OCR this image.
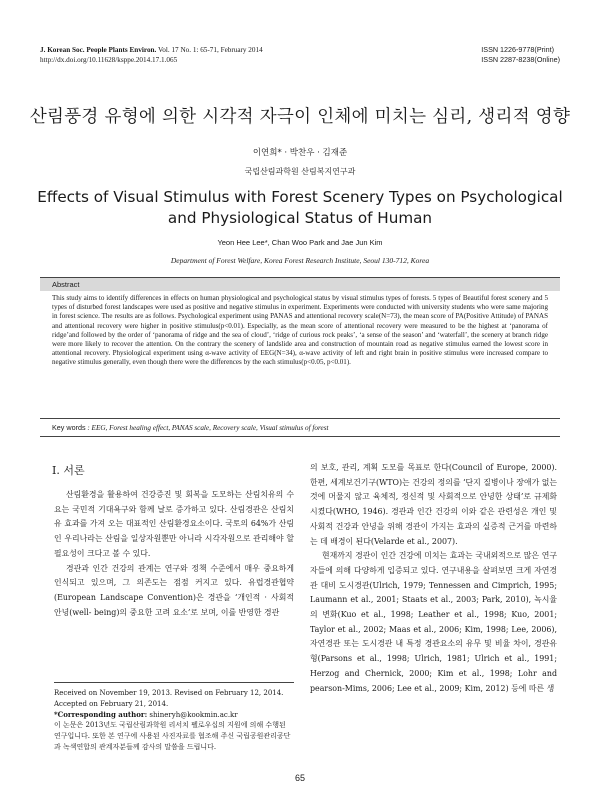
J. Korean Soc. People Plants Environ. Vol. 17 No. 1: 65-71, February 2014
http://dx.doi.org/10.11628/ksppe.2014.17.1.065
ISSN 1226-9778(Print)
ISSN 2287-8238(Online)
산림풍경 유형에 의한 시각적 자극이 인체에 미치는 심리, 생리적 영향
이연희* · 박찬우 · 김재준
국립산림과학원 산림복지연구과
Effects of Visual Stimulus with Forest Scenery Types on Psychological
and Physiological Status of Human
Yeon Hee Lee*, Chan Woo Park and Jae Jun Kim
Department of Forest Welfare, Korea Forest Research Institute, Seoul 130-712, Korea
Abstract
This study aims to identify differences in effects on human physiological and psychological status by visual stimulus types of forests. 5 types of Beautiful forest scenery and 5 types of disturbed forest landscapes were used as positive and negative stimulus in experiment. Experiments were conducted with university students who were same majoring in forest science. The results are as follows. Psychological experiment using PANAS and attentional recovery scale(N=73), the mean score of PA(Positive Attitude) of PANAS and attentional recovery were higher in positive stimulus(p<0.01). Especially, as the mean score of attentional recovery were measured to be the highest at ‘panorama of ridge’and followed by the order of ‘panorama of ridge and the sea of cloud’, ‘ridge of curious rock peaks’, ‘a sense of the season’ and ‘waterfall’, the scenery at branch ridge were more likely to recover the attention. On the contrary the scenery of landslide area and construction of mountain road as negative stimulus earned the lowest score in attentional recovery. Physiological experiment using α-wave activity of EEG(N=34), α-wave activity of left and right brain in positive stimulus were increased compare to negative stimulus generally, even though there were the differences by the each stimulus(p<0.05, p<0.01).
Key words : EEG, Forest healing effect, PANAS scale, Recovery scale, Visual stimulus of forest
Ⅰ. 서론

산림환경을 활용하여 건강증진 및 회복을 도모하는 산림치유의 수요는 국민적 기대욕구와 함께 날로 증가하고 있다. 산림경관은 산림치유 효과를 가져 오는 대표적인 산림환경요소이다. 국토의 64%가 산림인 우리나라는 산림을 일상자원뿐만 아니라 시각자원으로 관리해야 할 필요성이 크다고 볼 수 있다.

경관과 인간 건강의 관계는 연구와 정책 수준에서 매우 중요하게 인식되고 있으며, 그 의존도는 점점 커지고 있다. 유럽경관협약(European Landscape Convention)은 경관을 ‘개인적 · 사회적 안녕(well- being)의 중요한 고려 요소’로 보며, 이를 반영한 경관

Received on November 19, 2013. Revised on February 12, 2014. Accepted on February 21, 2014.
*Corresponding author: shineryh@kookmin.ac.kr
이 논문은 2013년도 국립산림과학원 리서치 펠로우십의 지원에 의해 수행된 연구입니다. 또한 본 연구에 사용된 사진자료를 협조해 주신 국립공원관리공단과 녹색연합의 관계자분들께 감사의 말씀을 드립니다.

의 보호, 관리, 계획 도모를 목표로 한다(Council of Europe, 2000). 한편, 세계보건기구(WTO)는 건강의 정의를 ‘단지 질병이나 장애가 없는 것에 머물지 않고 육체적, 정신적 및 사회적으로 안녕한 상태’로 규제화시켰다(WHO, 1946). 경관과 인간 건강의 이와 같은 관련성은 개인 및 사회적 건강과 안녕을 위해 경관이 가지는 효과의 실증적 근거를 마련하는 데 배경이 된다(Velarde et al., 2007).

현재까지 경관이 인간 건강에 미치는 효과는 국내외적으로 많은 연구자들에 의해 다양하게 입증되고 있다. 연구내용을 살펴보면 크게 자연경관 대비 도시경관(Ulrich, 1979; Tennessen and Cimprich, 1995; Laumann et al., 2001; Staats et al., 2003; Park, 2010), 녹시율의 변화(Kuo et al., 1998; Leather et al., 1998; Kuo, 2001; Taylor et al., 2002; Maas et al., 2006; Kim, 1998; Lee, 2006), 자연경관 또는 도시경관 내 특정 경관요소의 유무 및 비율 차이, 경관유형(Parsons et al., 1998; Ulrich, 1981; Ulrich et al., 1991; Herzog and Chernick, 2000; Kim et al., 1998; Lohr and pearson-Mims, 2006; Lee et al., 2009; Kim, 2012) 등에 따른 생

65
